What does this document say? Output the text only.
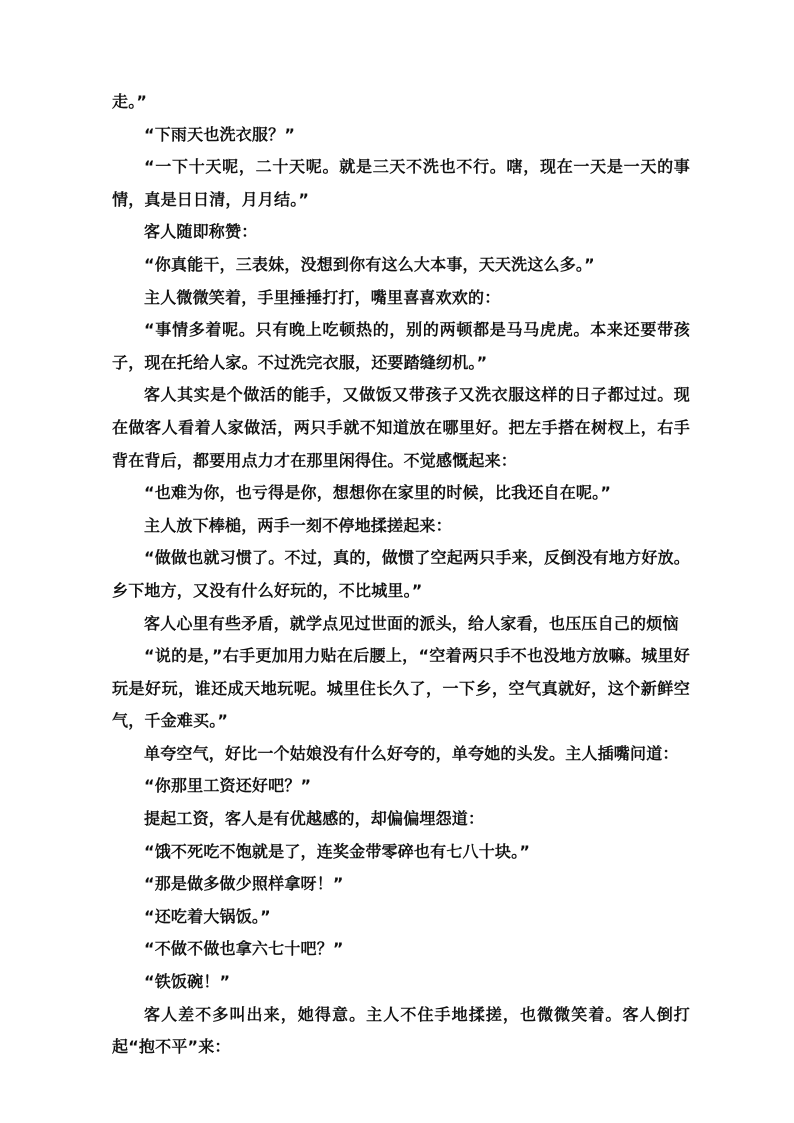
走。”

“下雨天也洗衣服？”

“一下十天呢，二十天呢。就是三天不洗也不行。嗐，现在一天是一天的事情，真是日日清，月月结。”

客人随即称赞：

“你真能干，三表妹，没想到你有这么大本事，天天洗这么多。”

主人微微笑着，手里捶捶打打，嘴里喜喜欢欢的：

“事情多着呢。只有晚上吃顿热的，别的两顿都是马马虎虎。本来还要带孩子，现在托给人家。不过洗完衣服，还要踏缝纫机。”

客人其实是个做活的能手，又做饭又带孩子又洗衣服这样的日子都过过。现在做客人看着人家做活，两只手就不知道放在哪里好。把左手搭在树杈上，右手背在背后，都要用点力才在那里闲得住。不觉感慨起来：

“也难为你，也亏得是你，想想你在家里的时候，比我还自在呢。”

主人放下棒槌，两手一刻不停地揉搓起来：

“做做也就习惯了。不过，真的，做惯了空起两只手来，反倒没有地方好放。乡下地方，又没有什么好玩的，不比城里。”

客人心里有些矛盾，就学点见过世面的派头，给人家看，也压压自己的烦恼

“说的是，”右手更加用力贴在后腰上，“空着两只手不也没地方放嘛。城里好玩是好玩，谁还成天地玩呢。城里住长久了，一下乡，空气真就好，这个新鲜空气，千金难买。”

单夸空气，好比一个姑娘没有什么好夸的，单夸她的头发。主人插嘴问道：

“你那里工资还好吧？”

提起工资，客人是有优越感的，却偏偏埋怨道：

“饿不死吃不饱就是了，连奖金带零碎也有七八十块。”

“那是做多做少照样拿呀！”

“还吃着大锅饭。”

“不做不做也拿六七十吧？”

“铁饭碗！”

客人差不多叫出来，她得意。主人不住手地揉搓，也微微笑着。客人倒打起“抱不平”来：
